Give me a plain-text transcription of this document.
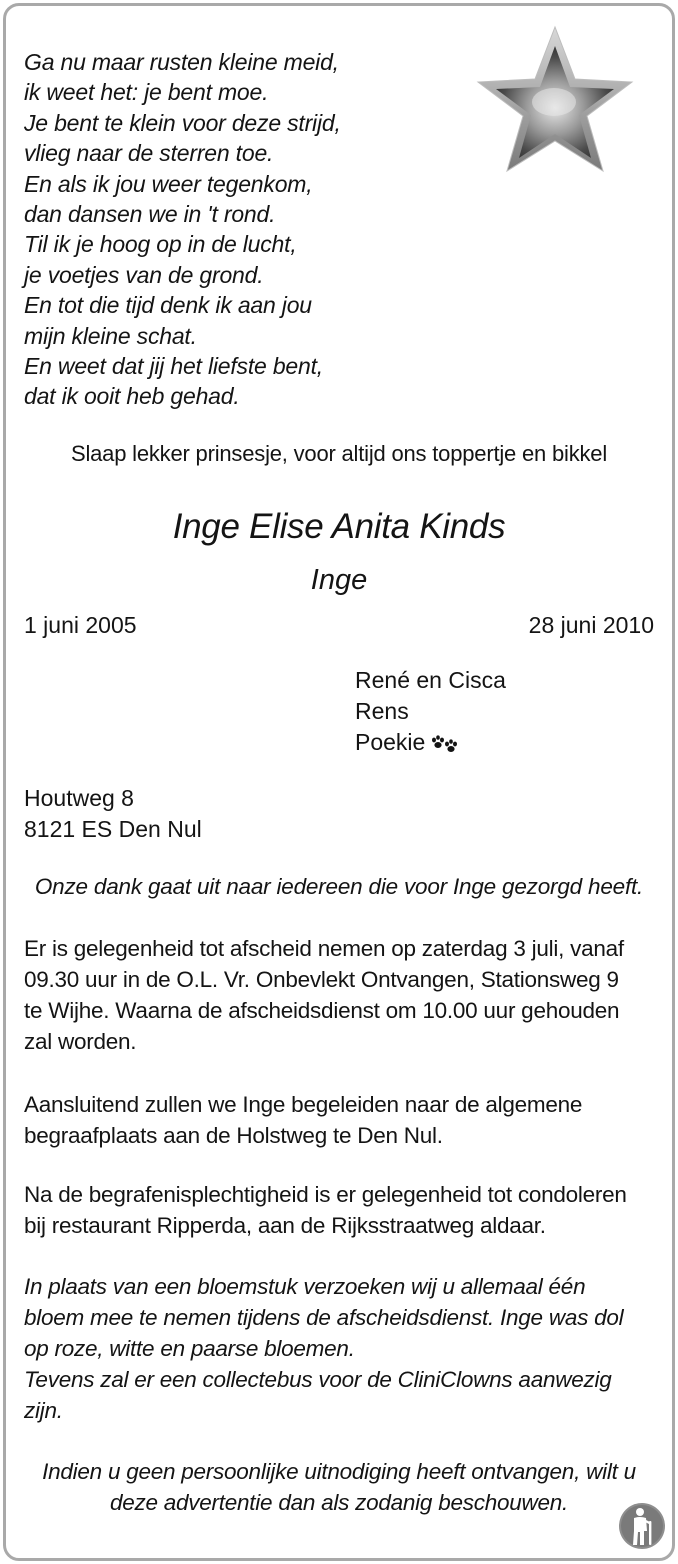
Ga nu maar rusten kleine meid,
ik weet het: je bent moe.
Je bent te klein voor deze strijd,
vlieg naar de sterren toe.
En als ik jou weer tegenkom,
dan dansen we in 't rond.
Til ik je hoog op in de lucht,
je voetjes van de grond.
En tot die tijd denk ik aan jou
mijn kleine schat.
En weet dat jij het liefste bent,
dat ik ooit heb gehad.
Slaap lekker prinsesje, voor altijd ons toppertje en bikkel
Inge Elise Anita Kinds
Inge
1 juni 2005	28 juni 2010
René en Cisca
Rens
Poekie
Houtweg 8
8121 ES Den Nul
Onze dank gaat uit naar iedereen die voor Inge gezorgd heeft.
Er is gelegenheid tot afscheid nemen op zaterdag 3 juli, vanaf
09.30 uur in de O.L. Vr. Onbevlekt Ontvangen, Stationsweg 9
te Wijhe. Waarna de afscheidsdienst om 10.00 uur gehouden
zal worden.
Aansluitend zullen we Inge begeleiden naar de algemene
begraafplaats aan de Holstweg te Den Nul.
Na de begrafenisplechtigheid is er gelegenheid tot condoleren
bij restaurant Ripperda, aan de Rijksstraatweg aldaar.
In plaats van een bloemstuk verzoeken wij u allemaal één
bloem mee te nemen tijdens de afscheidsdienst. Inge was dol
op roze, witte en paarse bloemen.
Tevens zal er een collectebus voor de CliniClowns aanwezig
zijn.
Indien u geen persoonlijke uitnodiging heeft ontvangen, wilt u
deze advertentie dan als zodanig beschouwen.
